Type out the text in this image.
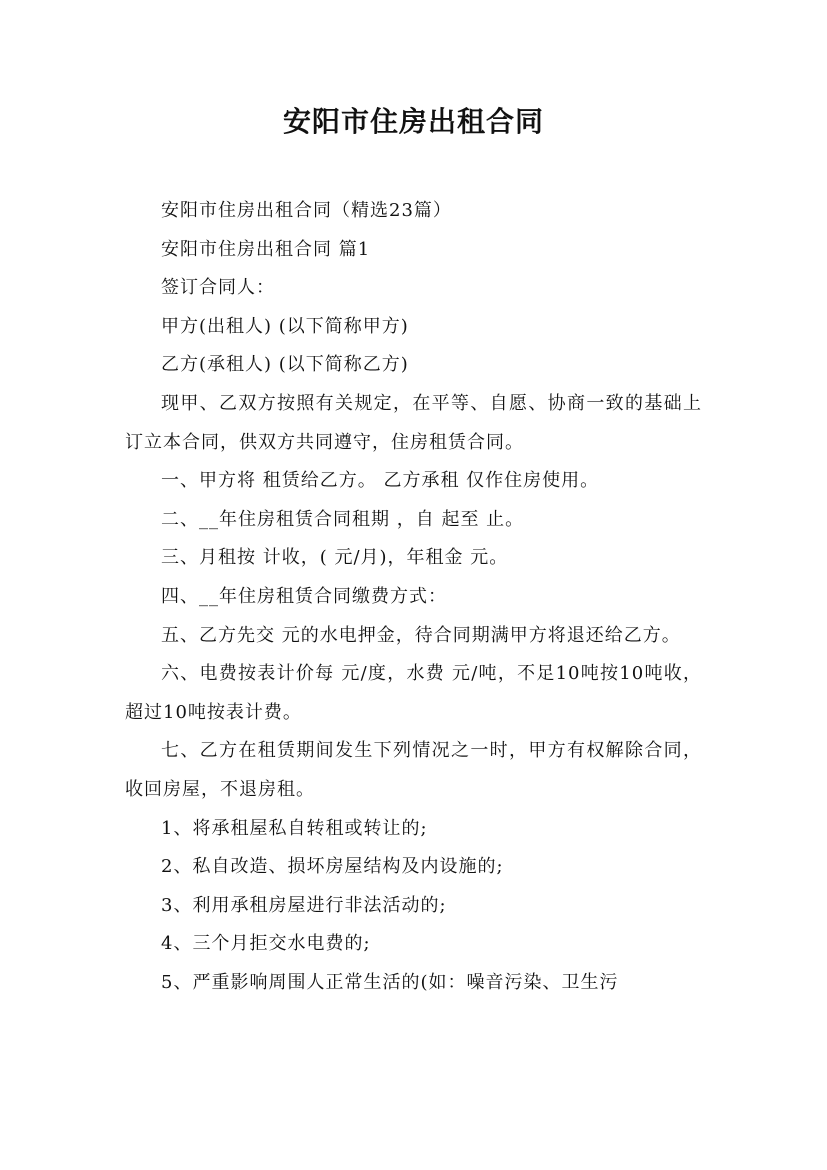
安阳市住房出租合同

安阳市住房出租合同（精选23篇）

安阳市住房出租合同 篇1

签订合同人：

甲方(出租人) (以下简称甲方)

乙方(承租人) (以下简称乙方)

现甲、乙双方按照有关规定，在平等、自愿、协商一致的基础上订立本合同，供双方共同遵守，住房租赁合同。

一、甲方将 租赁给乙方。 乙方承租 仅作住房使用。

二、__年住房租赁合同租期 ，自 起至 止。

三、月租按 计收，( 元/月)，年租金 元。

四、__年住房租赁合同缴费方式：

五、乙方先交 元的水电押金，待合同期满甲方将退还给乙方。

六、电费按表计价每 元/度，水费 元/吨，不足10吨按10吨收，超过10吨按表计费。

七、乙方在租赁期间发生下列情况之一时，甲方有权解除合同，收回房屋，不退房租。

1、将承租屋私自转租或转让的;

2、私自改造、损坏房屋结构及内设施的;

3、利用承租房屋进行非法活动的;

4、三个月拒交水电费的;

5、严重影响周围人正常生活的(如：噪音污染、卫生污
